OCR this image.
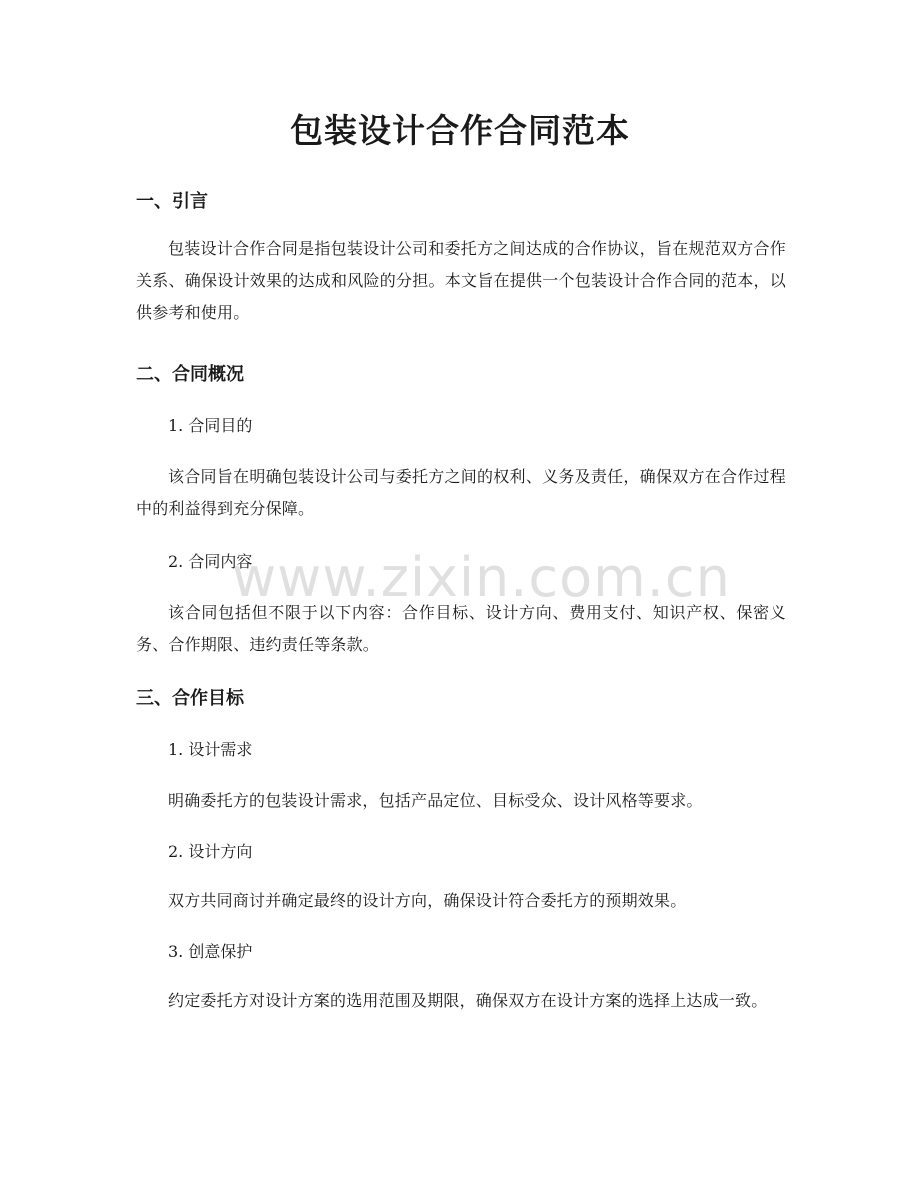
包装设计合作合同范本
一、引言

包装设计合作合同是指包装设计公司和委托方之间达成的合作协议，旨在规范双方合作关系、确保设计效果的达成和风险的分担。本文旨在提供一个包装设计合作合同的范本，以供参考和使用。

二、合同概况

1. 合同目的

该合同旨在明确包装设计公司与委托方之间的权利、义务及责任，确保双方在合作过程中的利益得到充分保障。

2. 合同内容

该合同包括但不限于以下内容：合作目标、设计方向、费用支付、知识产权、保密义务、合作期限、违约责任等条款。

三、合作目标

1. 设计需求

明确委托方的包装设计需求，包括产品定位、目标受众、设计风格等要求。

2. 设计方向

双方共同商讨并确定最终的设计方向，确保设计符合委托方的预期效果。

3. 创意保护

约定委托方对设计方案的选用范围及期限，确保双方在设计方案的选择上达成一致。

www.zixin.com.cn
